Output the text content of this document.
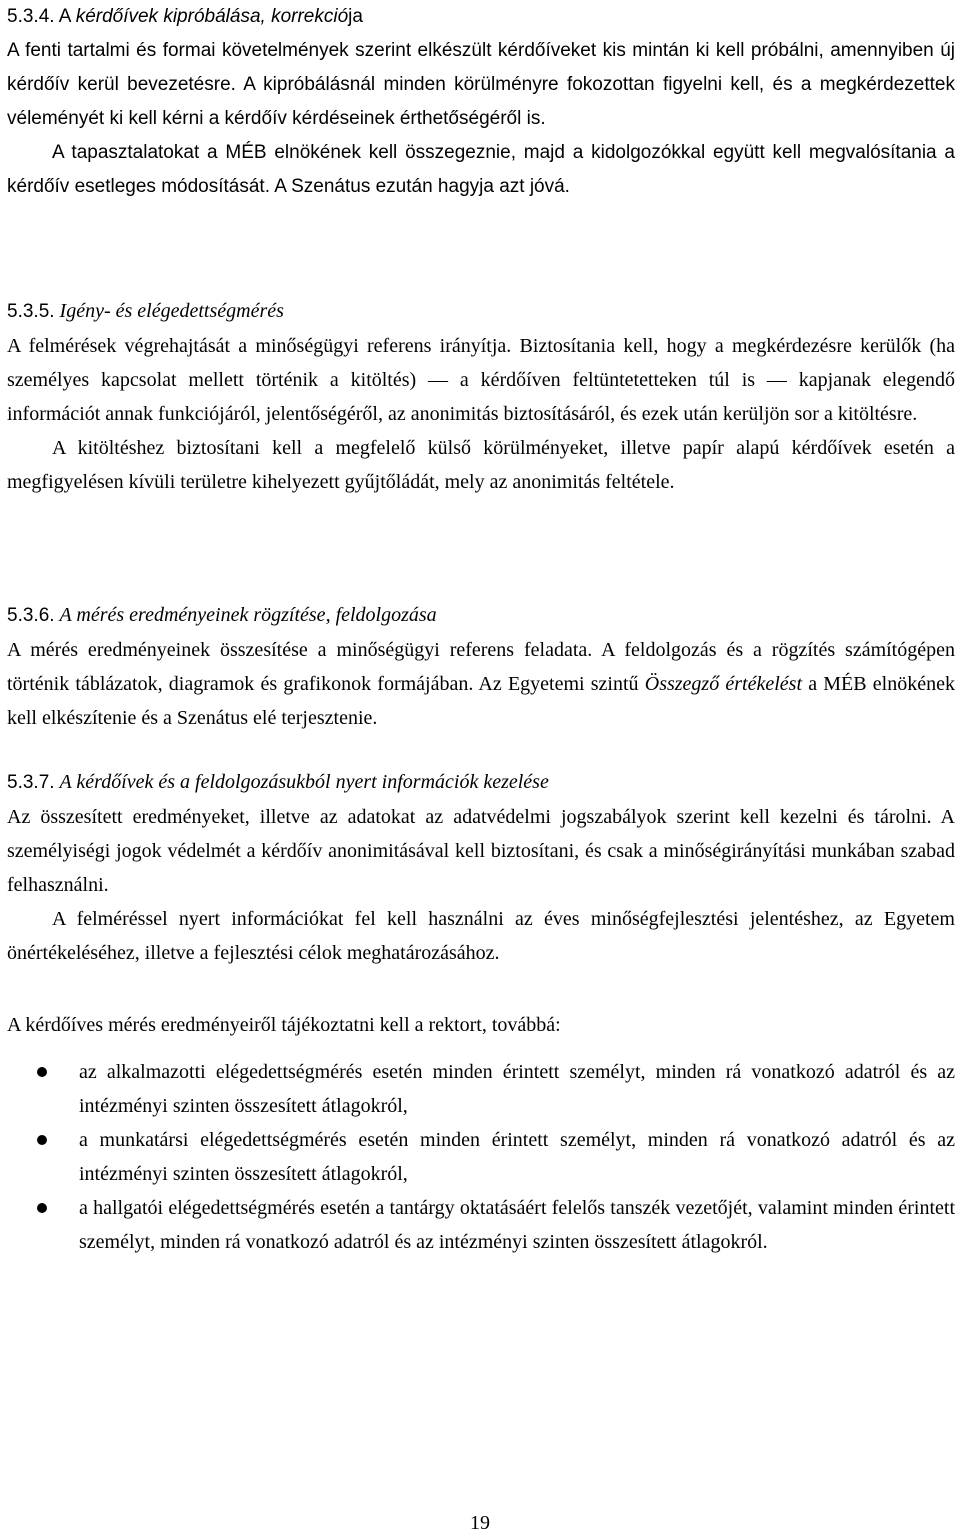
5.3.4. A kérdőívek kipróbálása, korrekciója

A fenti tartalmi és formai követelmények szerint elkészült kérdőíveket kis mintán ki kell próbálni, amennyiben új kérdőív kerül bevezetésre. A kipróbálásnál minden körülményre fokozottan figyelni kell, és a megkérdezettek véleményét ki kell kérni a kérdőív kérdéseinek érthetőségéről is.

A tapasztalatokat a MÉB elnökének kell összegeznie, majd a kidolgozókkal együtt kell megvalósítania a kérdőív esetleges módosítását. A Szenátus ezután hagyja azt jóvá.

5.3.5. Igény- és elégedettségmérés

A felmérések végrehajtását a minőségügyi referens irányítja. Biztosítania kell, hogy a megkérdezésre kerülők (ha személyes kapcsolat mellett történik a kitöltés) ― a kérdőíven feltüntetetteken túl is ― kapjanak elegendő információt annak funkciójáról, jelentőségéről, az anonimitás biztosításáról, és ezek után kerüljön sor a kitöltésre.

A kitöltéshez biztosítani kell a megfelelő külső körülményeket, illetve papír alapú kérdőívek esetén a megfigyelésen kívüli területre kihelyezett gyűjtőládát, mely az anonimitás feltétele.

5.3.6. A mérés eredményeinek rögzítése, feldolgozása

A mérés eredményeinek összesítése a minőségügyi referens feladata. A feldolgozás és a rögzítés számítógépen történik táblázatok, diagramok és grafikonok formájában. Az Egyetemi szintű Összegző értékelést a MÉB elnökének kell elkészítenie és a Szenátus elé terjesztenie.

5.3.7. A kérdőívek és a feldolgozásukból nyert információk kezelése

Az összesített eredményeket, illetve az adatokat az adatvédelmi jogszabályok szerint kell kezelni és tárolni. A személyiségi jogok védelmét a kérdőív anonimitásával kell biztosítani, és csak a minőségirányítási munkában szabad felhasználni.

A felméréssel nyert információkat fel kell használni az éves minőségfejlesztési jelentéshez, az Egyetem önértékeléséhez, illetve a fejlesztési célok meghatározásához.

A kérdőíves mérés eredményeiről tájékoztatni kell a rektort, továbbá:

az alkalmazotti elégedettségmérés esetén minden érintett személyt, minden rá vonatkozó adatról és az intézményi szinten összesített átlagokról,
a munkatársi elégedettségmérés esetén minden érintett személyt, minden rá vonatkozó adatról és az intézményi szinten összesített átlagokról,
a hallgatói elégedettségmérés esetén a tantárgy oktatásáért felelős tanszék vezetőjét, valamint minden érintett személyt, minden rá vonatkozó adatról és az intézményi szinten összesített átlagokról.
19
